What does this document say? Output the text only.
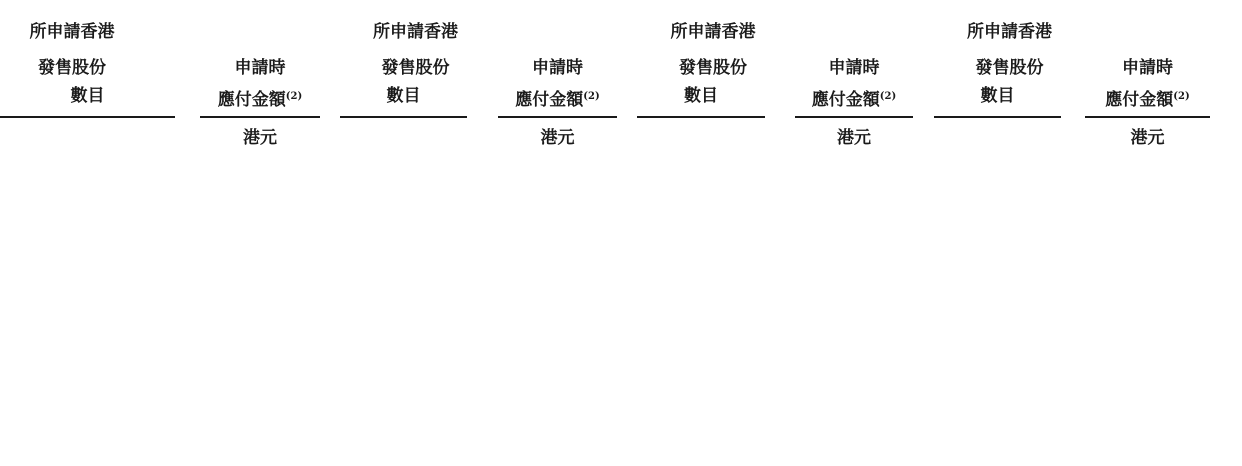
所申請香港
發售股份
數目
申請時
應付金額$^{(2)}$
港元
所申請香港
發售股份
數目
申請時
應付金額$^{(2)}$
港元
所申請香港
發售股份
數目
申請時
應付金額$^{(2)}$
港元
所申請香港
發售股份
數目
申請時
應付金額$^{(2)}$
港元
